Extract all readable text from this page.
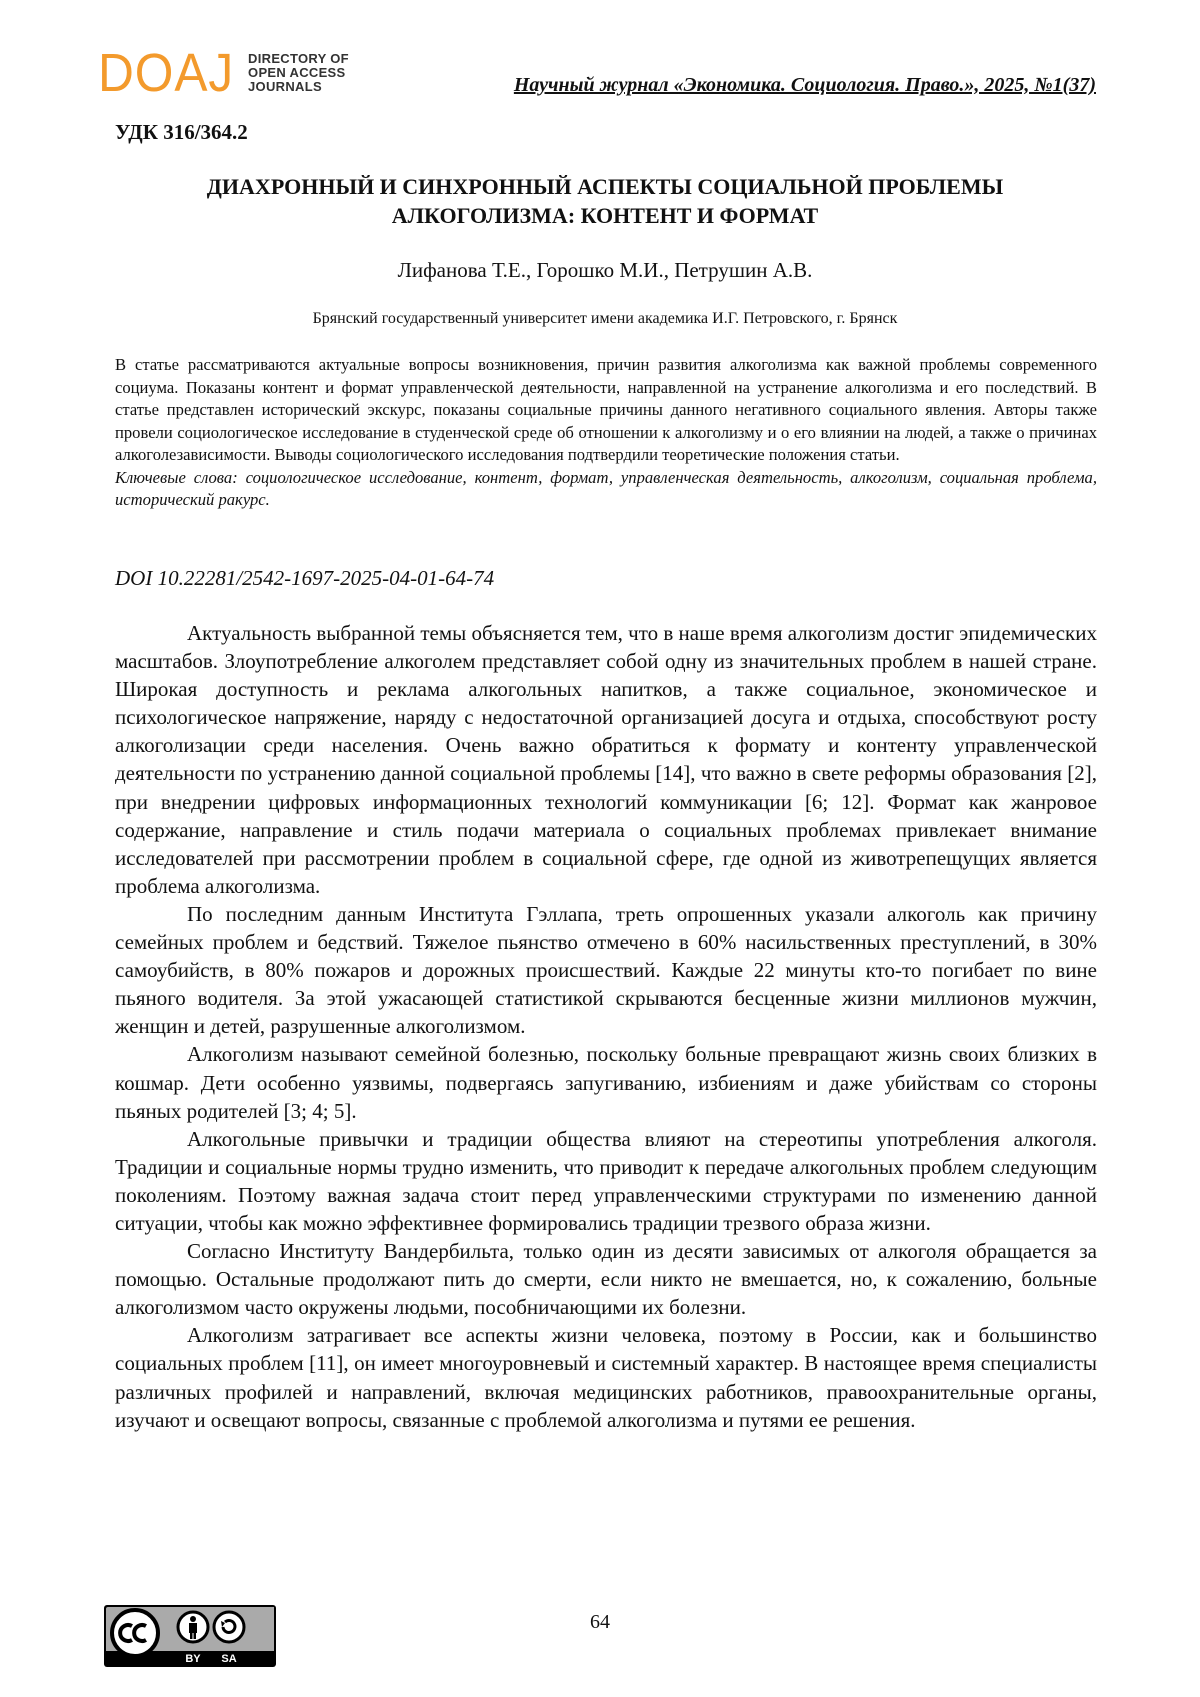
DOAJ DIRECTORY OF
OPEN ACCESS
JOURNALS	Научный журнал «Экономика. Социология. Право.», 2025, №1(37)
УДК 316/364.2
ДИАХРОННЫЙ И СИНХРОННЫЙ АСПЕКТЫ СОЦИАЛЬНОЙ ПРОБЛЕМЫ
АЛКОГОЛИЗМА: КОНТЕНТ И ФОРМАТ
Лифанова Т.Е., Горошко М.И., Петрушин А.В.
Брянский государственный университет имени академика И.Г. Петровского, г. Брянск

В статье рассматриваются актуальные вопросы возникновения, причин развития алкоголизма как важной проблемы современного социума. Показаны контент и формат управленческой деятельности, направленной на устранение алкоголизма и его последствий. В статье представлен исторический экскурс, показаны социальные причины данного негативного социального явления. Авторы также провели социологическое исследование в студенческой среде об отношении к алкоголизму и о его влиянии на людей, а также о причинах алкоголезависимости. Выводы социологического исследования подтвердили теоретические положения статьи.

Ключевые слова: социологическое исследование, контент, формат, управленческая деятельность, алкоголизм, социальная проблема, исторический ракурс.

DOI 10.22281/2542-1697-2025-04-01-64-74

Актуальность выбранной темы объясняется тем, что в наше время алкоголизм достиг эпидемических масштабов. Злоупотребление алкоголем представляет собой одну из значительных проблем в нашей стране. Широкая доступность и реклама алкогольных напитков, а также социальное, экономическое и психологическое напряжение, наряду с недостаточной организацией досуга и отдыха, способствуют росту алкоголизации среди населения. Очень важно обратиться к формату и контенту управленческой деятельности по устранению данной социальной проблемы [14], что важно в свете реформы образования [2], при внедрении цифровых информационных технологий коммуникации [6; 12]. Формат как жанровое содержание, направление и стиль подачи материала о социальных проблемах привлекает внимание исследователей при рассмотрении проблем в социальной сфере, где одной из животрепещущих является проблема алкоголизма.

По последним данным Института Гэллапа, треть опрошенных указали алкоголь как причину семейных проблем и бедствий. Тяжелое пьянство отмечено в 60% насильственных преступлений, в 30% самоубийств, в 80% пожаров и дорожных происшествий. Каждые 22 минуты кто-то погибает по вине пьяного водителя. За этой ужасающей статистикой скрываются бесценные жизни миллионов мужчин, женщин и детей, разрушенные алкоголизмом.

Алкоголизм называют семейной болезнью, поскольку больные превращают жизнь своих близких в кошмар. Дети особенно уязвимы, подвергаясь запугиванию, избиениям и даже убийствам со стороны пьяных родителей [3; 4; 5].

Алкогольные привычки и традиции общества влияют на стереотипы употребления алкоголя. Традиции и социальные нормы трудно изменить, что приводит к передаче алкогольных проблем следующим поколениям. Поэтому важная задача стоит перед управленческими структурами по изменению данной ситуации, чтобы как можно эффективнее формировались традиции трезвого образа жизни.

Согласно Институту Вандербильта, только один из десяти зависимых от алкоголя обращается за помощью. Остальные продолжают пить до смерти, если никто не вмешается, но, к сожалению, больные алкоголизмом часто окружены людьми, пособничающими их болезни.

Алкоголизм затрагивает все аспекты жизни человека, поэтому в России, как и большинство социальных проблем [11], он имеет многоуровневый и системный характер. В настоящее время специалисты различных профилей и направлений, включая медицинских работников, правоохранительные органы, изучают и освещают вопросы, связанные с проблемой алкоголизма и путями ее решения.

BY SA
64
